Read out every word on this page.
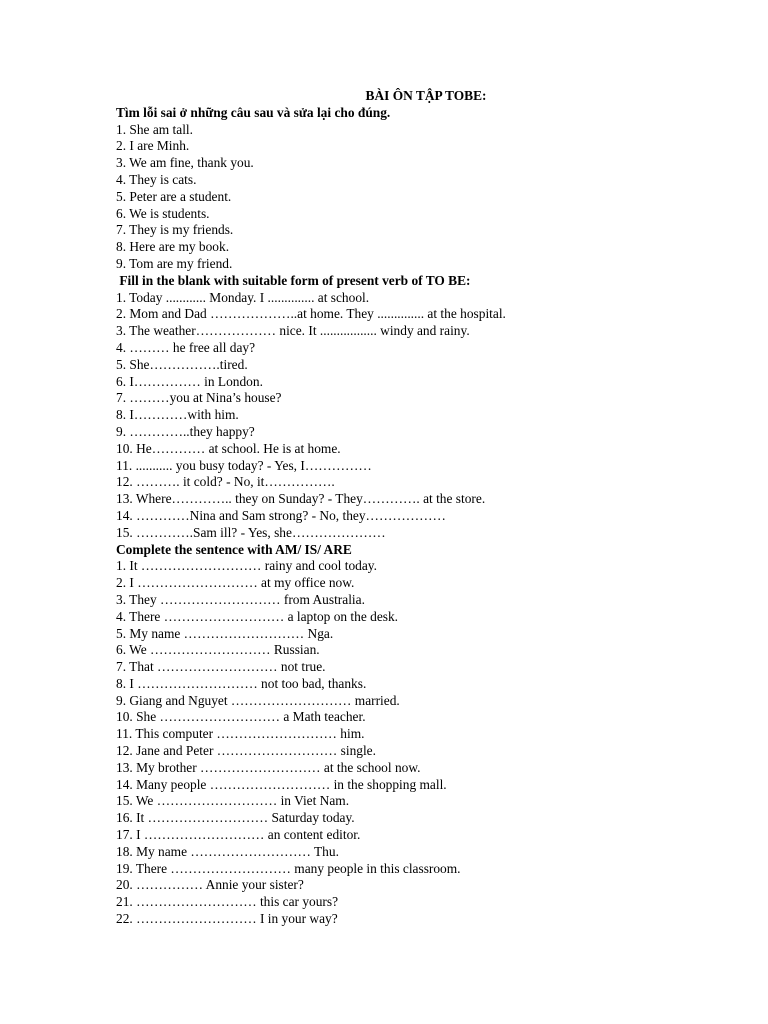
BÀI ÔN TẬP TOBE:
Tìm lỗi sai ở những câu sau và sửa lại cho đúng.
1. She am tall.
2. I are Minh.
3. We am fine, thank you.
4. They is cats.
5. Peter are a student.
6. We is students.
7. They is my friends.
8. Here are my book.
9. Tom are my friend.
Fill in the blank with suitable form of present verb of TO BE:
1. Today ............ Monday. I .............. at school.
2. Mom and Dad ………………..at home. They .............. at the hospital.
3. The weather……………… nice. It ................. windy and rainy.
4. ……… he free all day?
5. She…………….tired.
6. I…………… in London.
7. ………you at Nina’s house?
8. I…………with him.
9. …………..they happy?
10. He………… at school. He is at home.
11. ........... you busy today? - Yes, I……………
12. ………. it cold? - No, it…………….
13. Where………….. they on Sunday? - They…………. at the store.
14. …………Nina and Sam strong? - No, they………………
15. ………….Sam ill? - Yes, she…………………
Complete the sentence with AM/ IS/ ARE
1. It ……………………… rainy and cool today.
2. I ……………………… at my office now.
3. They ……………………… from Australia.
4. There ……………………… a laptop on the desk.
5. My name ……………………… Nga.
6. We ……………………… Russian.
7. That ……………………… not true.
8. I ……………………… not too bad, thanks.
9. Giang and Nguyet ……………………… married.
10. She ……………………… a Math teacher.
11. This computer ……………………… him.
12. Jane and Peter ……………………… single.
13. My brother ……………………… at the school now.
14. Many people ……………………… in the shopping mall.
15. We ……………………… in Viet Nam.
16. It ……………………… Saturday today.
17. I ……………………… an content editor.
18. My name ……………………… Thu.
19. There ……………………… many people in this classroom.
20. …………… Annie your sister?
21. ……………………… this car yours?
22. ……………………… I in your way?
